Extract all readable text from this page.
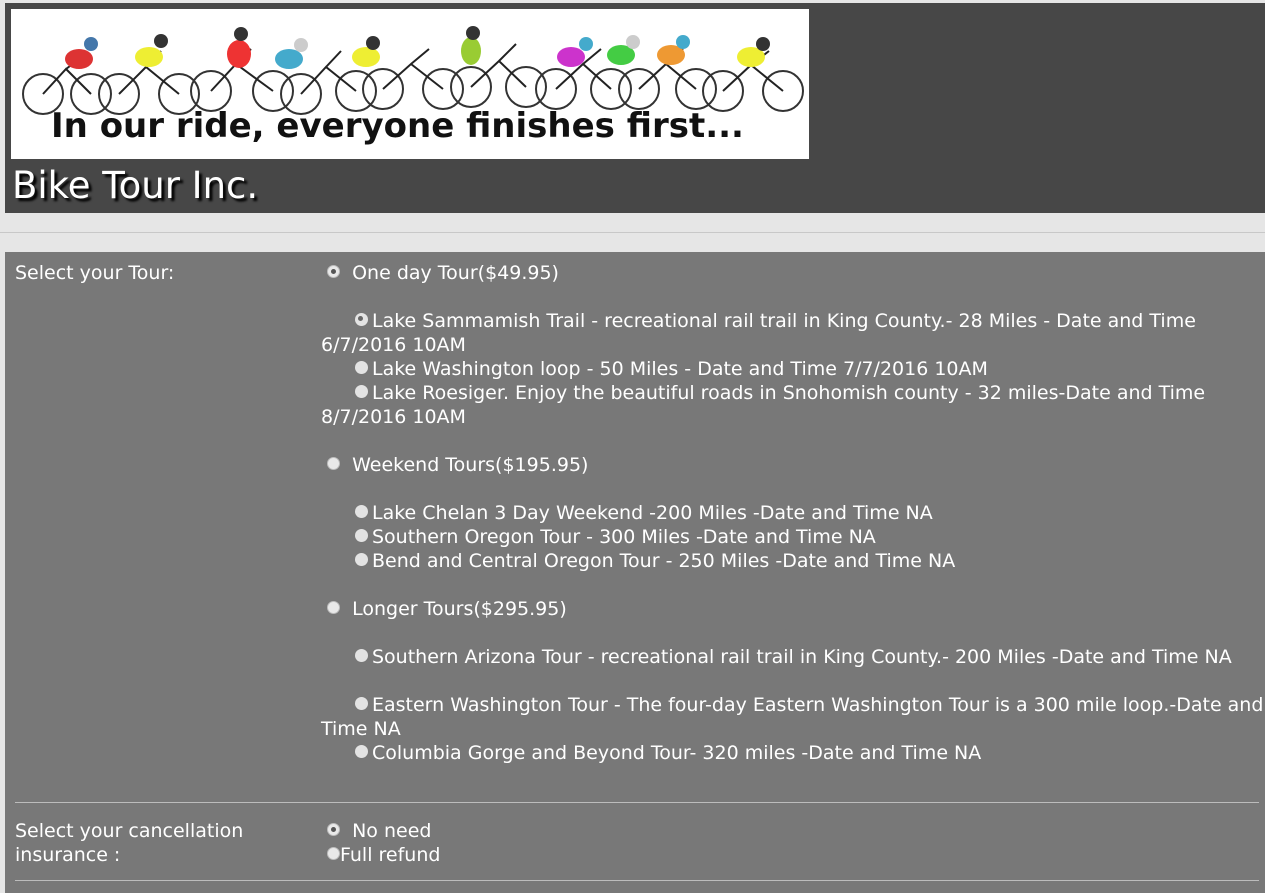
In our ride, everyone finishes first...
Bike Tour Inc.
Select your Tour:	One day Tour($49.95)
Lake Sammamish Trail - recreational rail trail in King County.- 28 Miles - Date and Time 6/7/2016 10AM
Lake Washington loop - 50 Miles - Date and Time 7/7/2016 10AM
Lake Roesiger. Enjoy the beautiful roads in Snohomish county - 32 miles-Date and Time 8/7/2016 10AM
Weekend Tours($195.95)
Lake Chelan 3 Day Weekend -200 Miles -Date and Time NA
Southern Oregon Tour - 300 Miles -Date and Time NA
Bend and Central Oregon Tour - 250 Miles -Date and Time NA
Longer Tours($295.95)
Southern Arizona Tour - recreational rail trail in King County.- 200 Miles -Date and Time NA
Eastern Washington Tour - The four-day Eastern Washington Tour is a 300 mile loop.-Date and Time NA
Columbia Gorge and Beyond Tour- 320 miles -Date and Time NA
Select your cancellation insurance :
No need
Full refund
